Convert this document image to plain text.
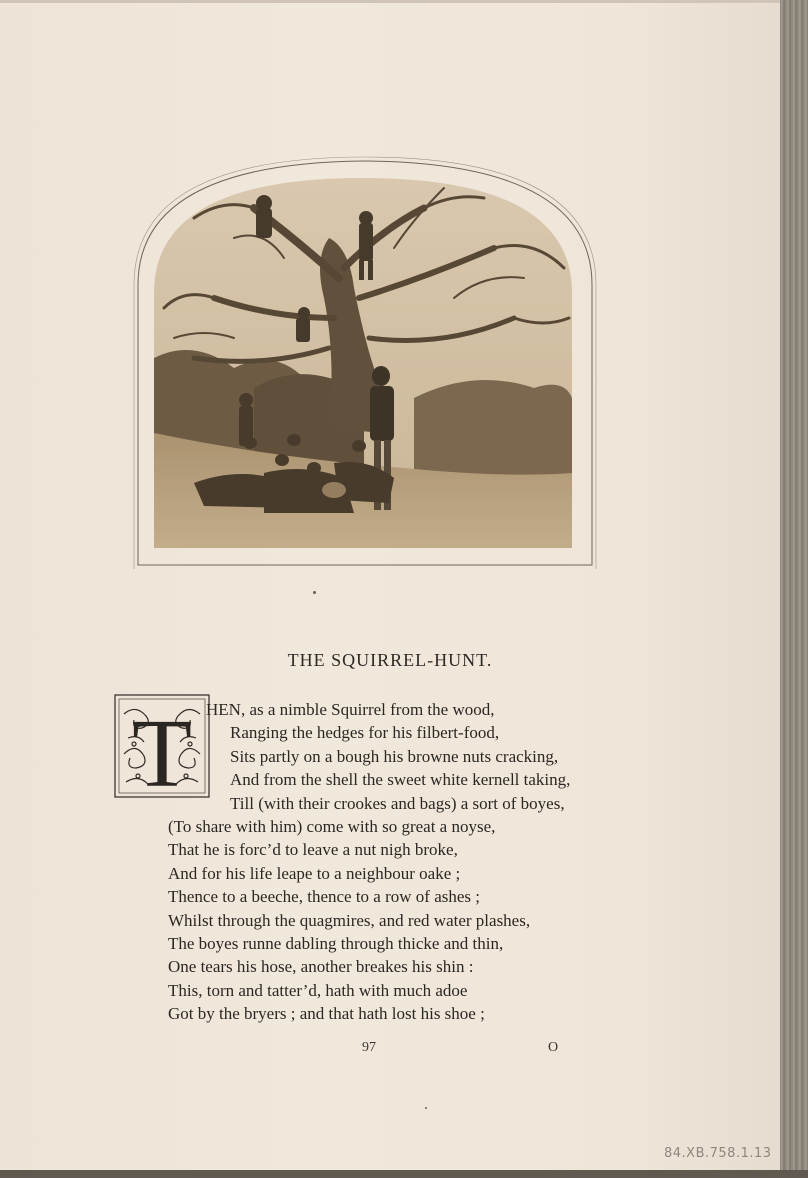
THE SQUIRREL-HUNT.
T HEN, as a nimble Squirrel from the wood,
Ranging the hedges for his filbert-food,
Sits partly on a bough his browne nuts cracking,
And from the shell the sweet white kernell taking,
Till (with their crookes and bags) a sort of boyes,
(To share with him) come with so great a noyse,
That he is forc’d to leave a nut nigh broke,
And for his life leape to a neighbour oake ;
Thence to a beeche, thence to a row of ashes ;
Whilst through the quagmires, and red water plashes,
The boyes runne dabling through thicke and thin,
One tears his hose, another breakes his shin :
This, torn and tatter’d, hath with much adoe
Got by the bryers ; and that hath lost his shoe ;
97	O
84.XB.758.1.13
